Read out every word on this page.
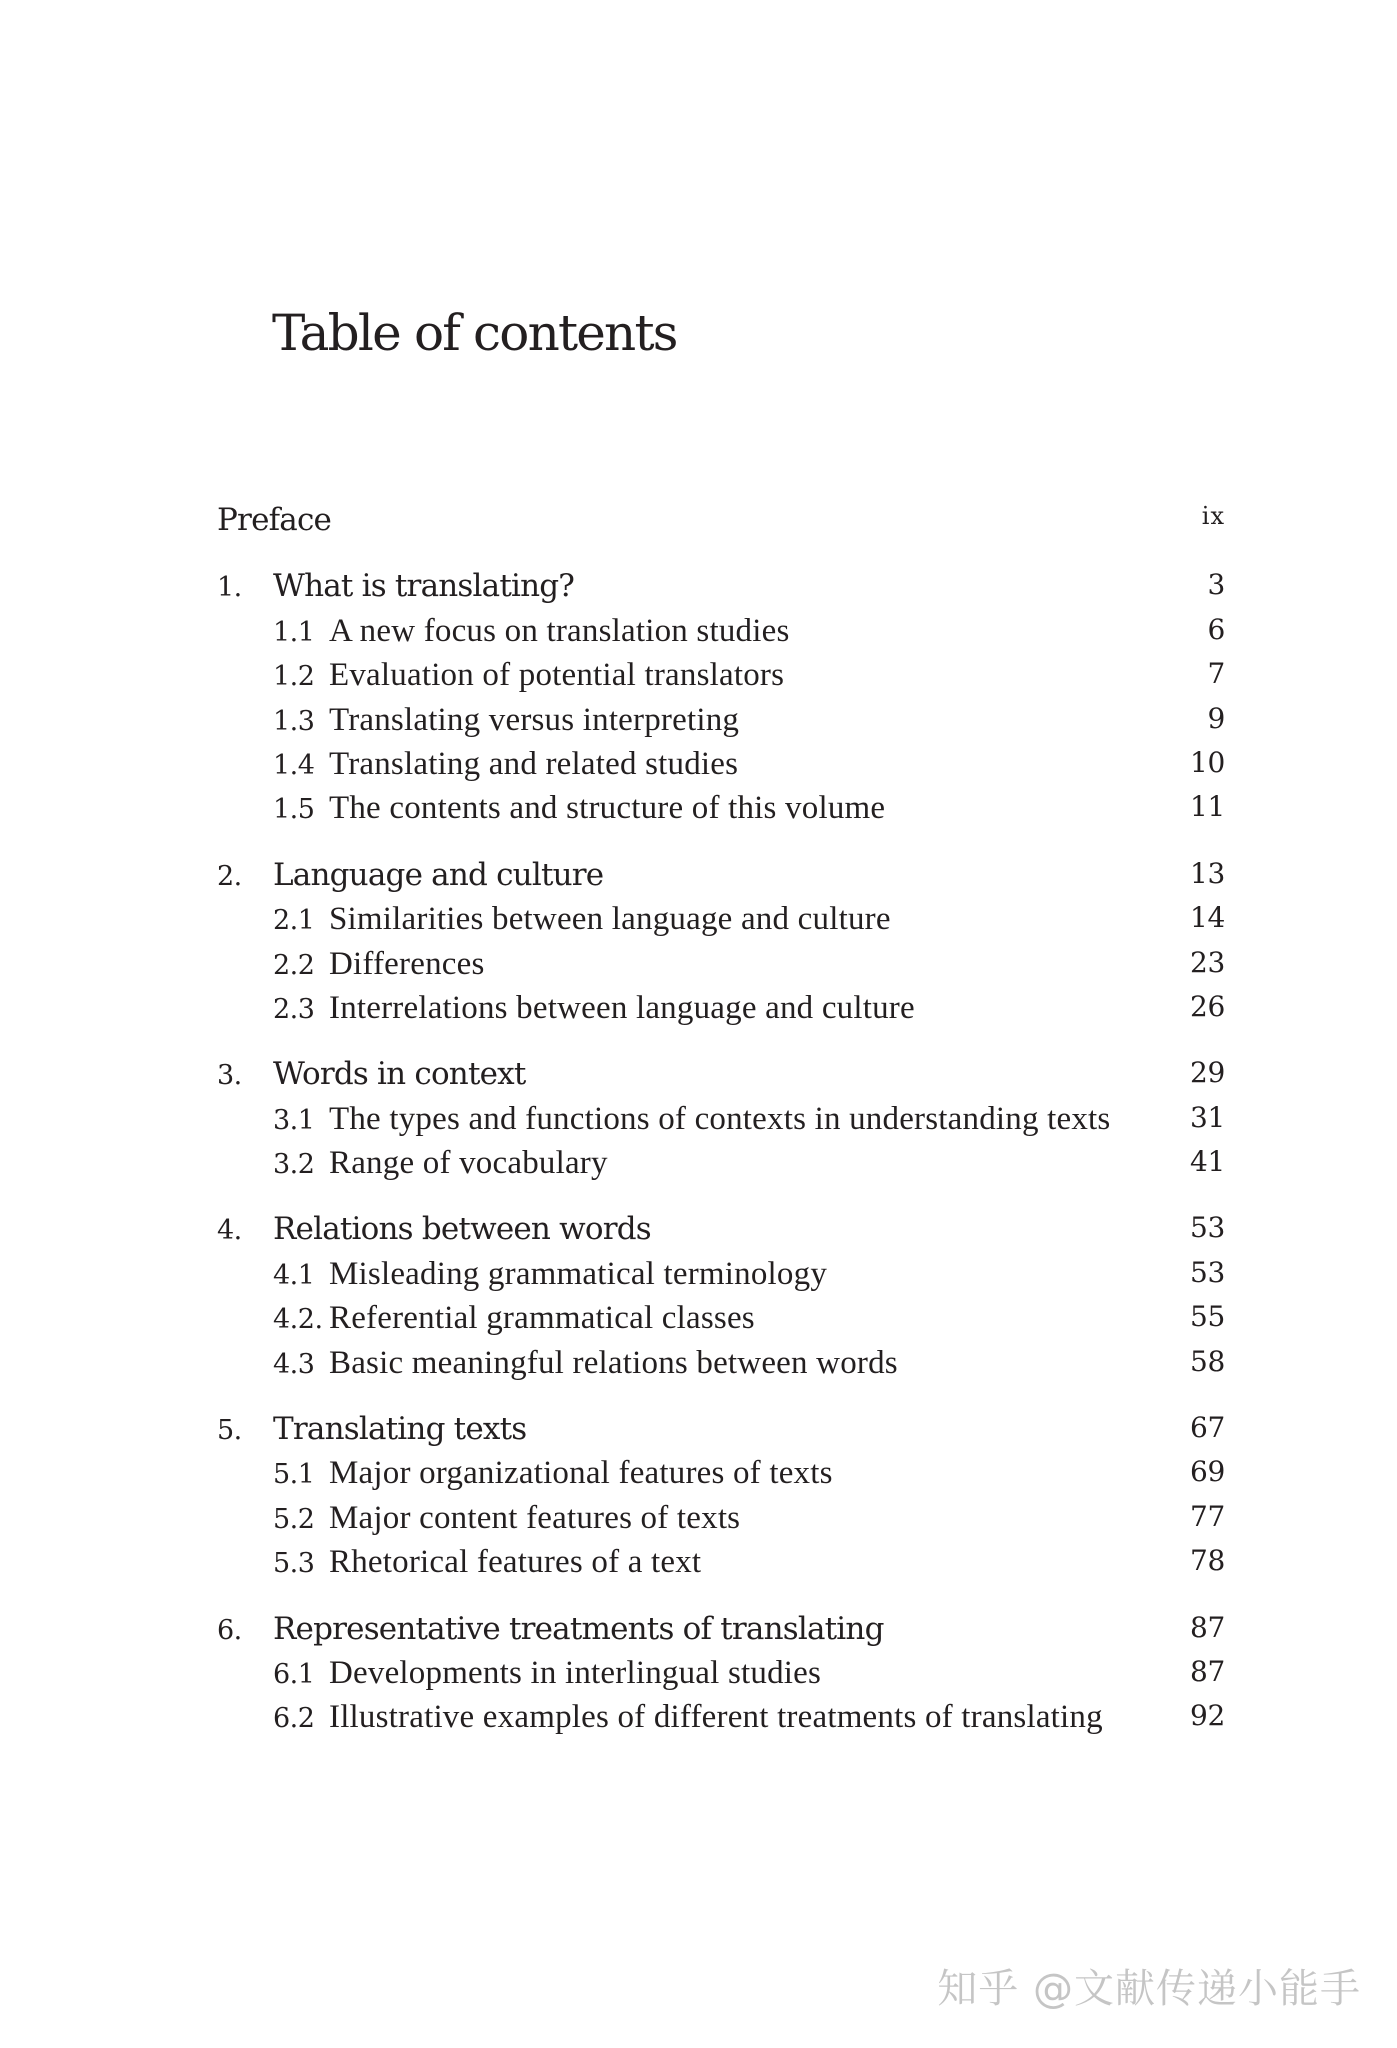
Table of contents
Preface	ix
1.	What is translating?	3
1.1 A new focus on translation studies	6
1.2 Evaluation of potential translators	7
1.3 Translating versus interpreting	9
1.4 Translating and related studies	10
1.5 The contents and structure of this volume	11
2.	Language and culture	13
2.1 Similarities between language and culture	14
2.2 Differences	23
2.3 Interrelations between language and culture	26
3.	Words in context	29
3.1 The types and functions of contexts in understanding texts	31
3.2 Range of vocabulary	41
4.	Relations between words	53
4.1 Misleading grammatical terminology	53
4.2. Referential grammatical classes	55
4.3 Basic meaningful relations between words	58
5.	Translating texts	67
5.1 Major organizational features of texts	69
5.2 Major content features of texts	77
5.3 Rhetorical features of a text	78
6.	Representative treatments of translating	87
6.1 Developments in interlingual studies	87
6.2 Illustrative examples of different treatments of translating	92
知乎 @文献传递小能手
